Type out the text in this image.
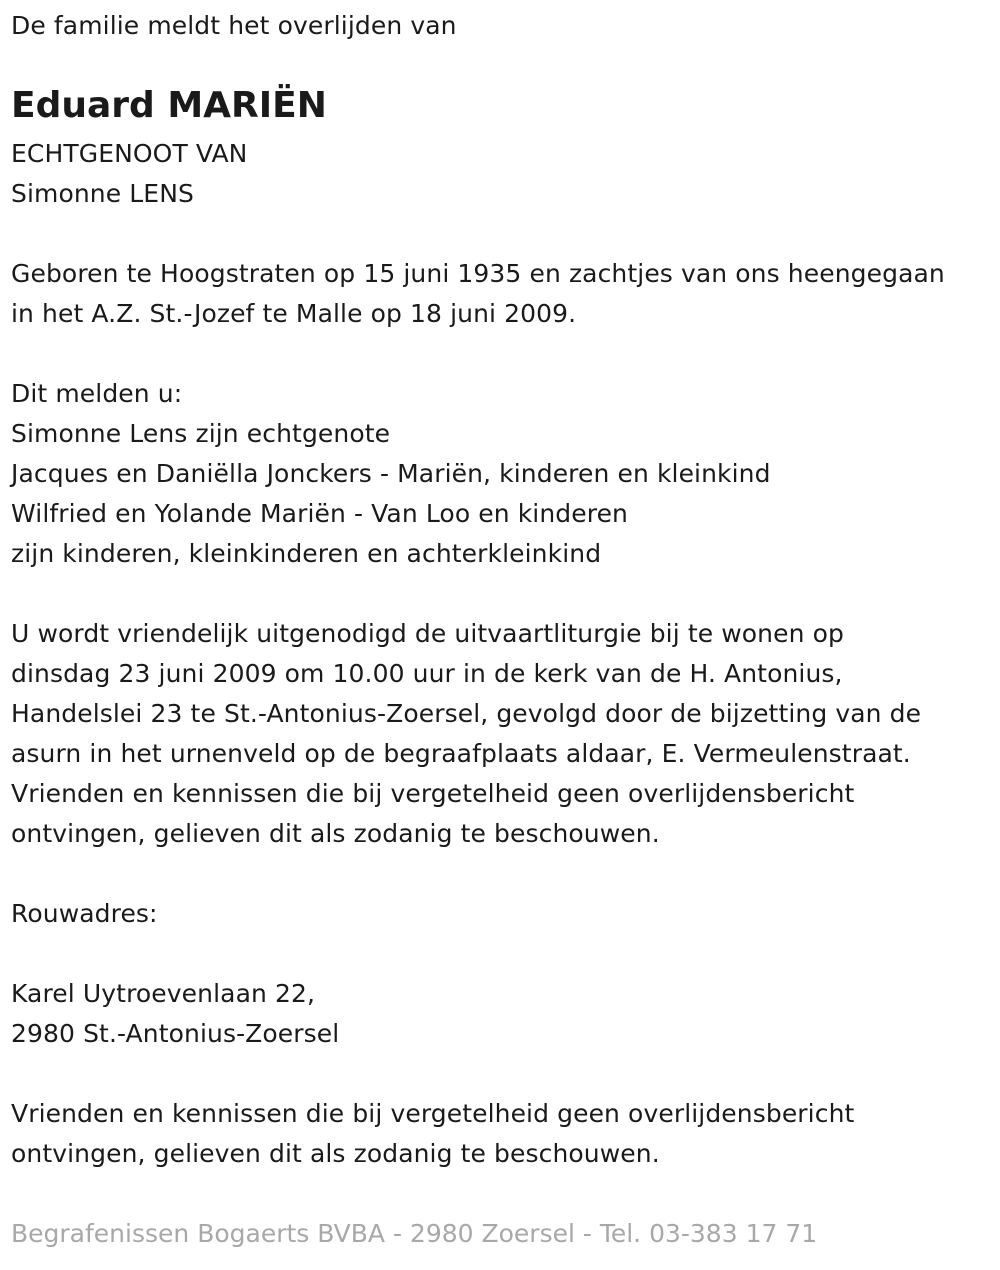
De familie meldt het overlijden van
Eduard MARIËN
ECHTGENOOT VAN
Simonne LENS
Geboren te Hoogstraten op 15 juni 1935 en zachtjes van ons heengegaan
in het A.Z. St.-Jozef te Malle op 18 juni 2009.
Dit melden u:
Simonne Lens zijn echtgenote
Jacques en Daniëlla Jonckers - Mariën, kinderen en kleinkind
Wilfried en Yolande Mariën - Van Loo en kinderen
zijn kinderen, kleinkinderen en achterkleinkind
U wordt vriendelijk uitgenodigd de uitvaartliturgie bij te wonen op
dinsdag 23 juni 2009 om 10.00 uur in de kerk van de H. Antonius,
Handelslei 23 te St.-Antonius-Zoersel, gevolgd door de bijzetting van de
asurn in het urnenveld op de begraafplaats aldaar, E. Vermeulenstraat.
Vrienden en kennissen die bij vergetelheid geen overlijdensbericht
ontvingen, gelieven dit als zodanig te beschouwen.
Rouwadres:
Karel Uytroevenlaan 22,
2980 St.-Antonius-Zoersel
Vrienden en kennissen die bij vergetelheid geen overlijdensbericht
ontvingen, gelieven dit als zodanig te beschouwen.
Begrafenissen Bogaerts BVBA - 2980 Zoersel - Tel. 03-383 17 71
